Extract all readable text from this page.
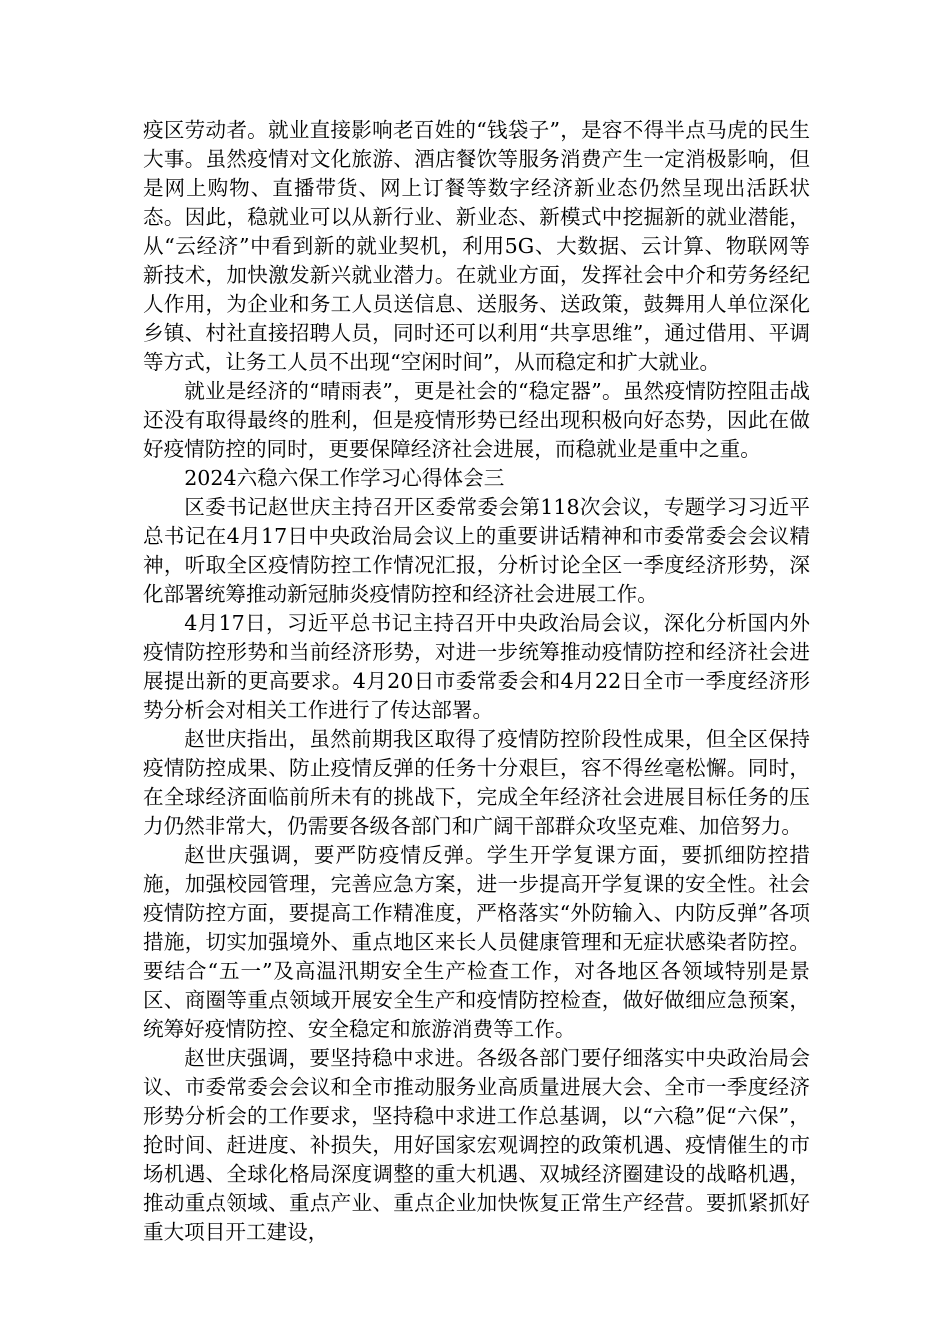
疫区劳动者。就业直接影响老百姓的“钱袋子”，是容不得半点马虎的民生大事。虽然疫情对文化旅游、酒店餐饮等服务消费产生一定消极影响，但是网上购物、直播带货、网上订餐等数字经济新业态仍然呈现出活跃状态。因此，稳就业可以从新行业、新业态、新模式中挖掘新的就业潜能，从“云经济”中看到新的就业契机，利用5G、大数据、云计算、物联网等新技术，加快激发新兴就业潜力。在就业方面，发挥社会中介和劳务经纪人作用，为企业和务工人员送信息、送服务、送政策，鼓舞用人单位深化乡镇、村社直接招聘人员，同时还可以利用“共享思维”，通过借用、平调等方式，让务工人员不出现“空闲时间”，从而稳定和扩大就业。

就业是经济的“晴雨表”，更是社会的“稳定器”。虽然疫情防控阻击战还没有取得最终的胜利，但是疫情形势已经出现积极向好态势，因此在做好疫情防控的同时，更要保障经济社会进展，而稳就业是重中之重。

2024六稳六保工作学习心得体会三

区委书记赵世庆主持召开区委常委会第118次会议，专题学习习近平总书记在4月17日中央政治局会议上的重要讲话精神和市委常委会会议精神，听取全区疫情防控工作情况汇报，分析讨论全区一季度经济形势，深化部署统筹推动新冠肺炎疫情防控和经济社会进展工作。

4月17日，习近平总书记主持召开中央政治局会议，深化分析国内外疫情防控形势和当前经济形势，对进一步统筹推动疫情防控和经济社会进展提出新的更高要求。4月20日市委常委会和4月22日全市一季度经济形势分析会对相关工作进行了传达部署。

赵世庆指出，虽然前期我区取得了疫情防控阶段性成果，但全区保持疫情防控成果、防止疫情反弹的任务十分艰巨，容不得丝毫松懈。同时，在全球经济面临前所未有的挑战下，完成全年经济社会进展目标任务的压力仍然非常大，仍需要各级各部门和广阔干部群众攻坚克难、加倍努力。

赵世庆强调，要严防疫情反弹。学生开学复课方面，要抓细防控措施，加强校园管理，完善应急方案，进一步提高开学复课的安全性。社会疫情防控方面，要提高工作精准度，严格落实“外防输入、内防反弹”各项措施，切实加强境外、重点地区来长人员健康管理和无症状感染者防控。要结合“五一”及高温汛期安全生产检查工作，对各地区各领域特别是景区、商圈等重点领域开展安全生产和疫情防控检查，做好做细应急预案，统筹好疫情防控、安全稳定和旅游消费等工作。

赵世庆强调，要坚持稳中求进。各级各部门要仔细落实中央政治局会议、市委常委会会议和全市推动服务业高质量进展大会、全市一季度经济形势分析会的工作要求，坚持稳中求进工作总基调，以“六稳”促“六保”，抢时间、赶进度、补损失，用好国家宏观调控的政策机遇、疫情催生的市场机遇、全球化格局深度调整的重大机遇、双城经济圈建设的战略机遇，推动重点领域、重点产业、重点企业加快恢复正常生产经营。要抓紧抓好重大项目开工建设，
